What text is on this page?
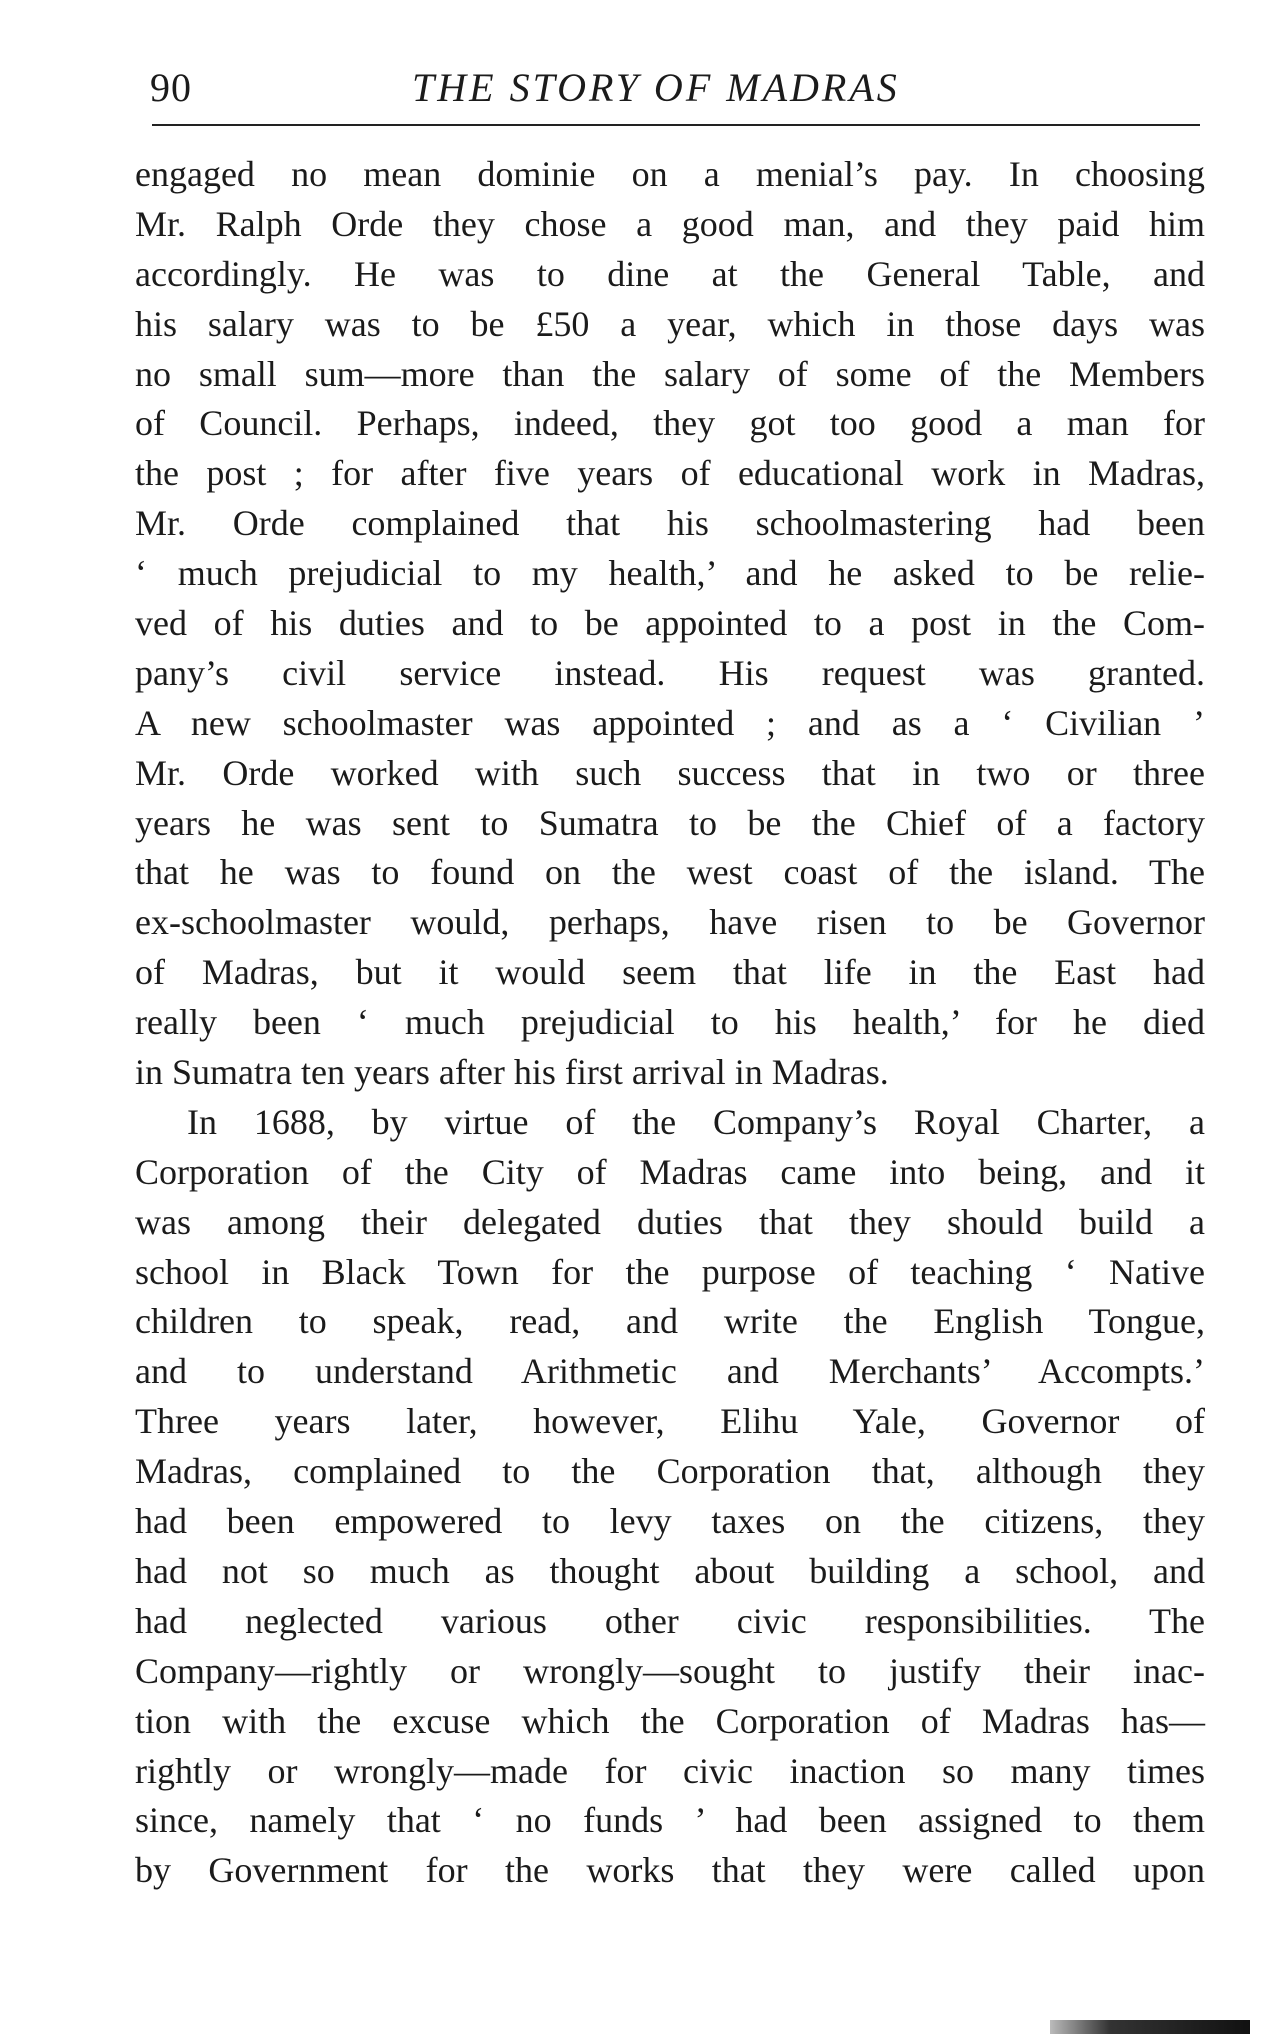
90	THE STORY OF MADRAS
engaged no mean dominie on a menial’s pay. In choosing
Mr. Ralph Orde they chose a good man, and they paid him
accordingly. He was to dine at the General Table, and
his salary was to be £50 a year, which in those days was
no small sum—more than the salary of some of the Members
of Council. Perhaps, indeed, they got too good a man for
the post ; for after five years of educational work in Madras,
Mr. Orde complained that his schoolmastering had been
‘ much prejudicial to my health,’ and he asked to be relie-
ved of his duties and to be appointed to a post in the Com-
pany’s civil service instead. His request was granted.
A new schoolmaster was appointed ; and as a ‘ Civilian ’
Mr. Orde worked with such success that in two or three
years he was sent to Sumatra to be the Chief of a factory
that he was to found on the west coast of the island. The
ex-schoolmaster would, perhaps, have risen to be Governor
of Madras, but it would seem that life in the East had
really been ‘ much prejudicial to his health,’ for he died
in Sumatra ten years after his first arrival in Madras.
In 1688, by virtue of the Company’s Royal Charter, a
Corporation of the City of Madras came into being, and it
was among their delegated duties that they should build a
school in Black Town for the purpose of teaching ‘ Native
children to speak, read, and write the English Tongue,
and to understand Arithmetic and Merchants’ Accompts.’
Three years later, however, Elihu Yale, Governor of
Madras, complained to the Corporation that, although they
had been empowered to levy taxes on the citizens, they
had not so much as thought about building a school, and
had neglected various other civic responsibilities. The
Company—rightly or wrongly—sought to justify their inac-
tion with the excuse which the Corporation of Madras has—
rightly or wrongly—made for civic inaction so many times
since, namely that ‘ no funds ’ had been assigned to them
by Government for the works that they were called upon
